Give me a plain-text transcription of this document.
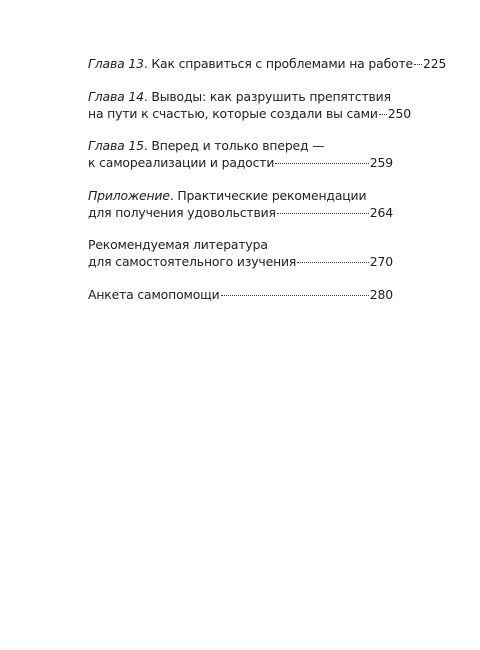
Глава 13 . Как справиться с проблемами на работе 225
Глава 14 . Выводы: как разрушить препятствия
на пути к счастью, которые создали вы сами 250
Глава 15 . Вперед и только вперед —
к самореализации и радости	259
Приложение . Практические рекомендации
для получения удовольствия	264
Рекомендуемая литература
для самостоятельного изучения	270
Анкета самопомощи	280
